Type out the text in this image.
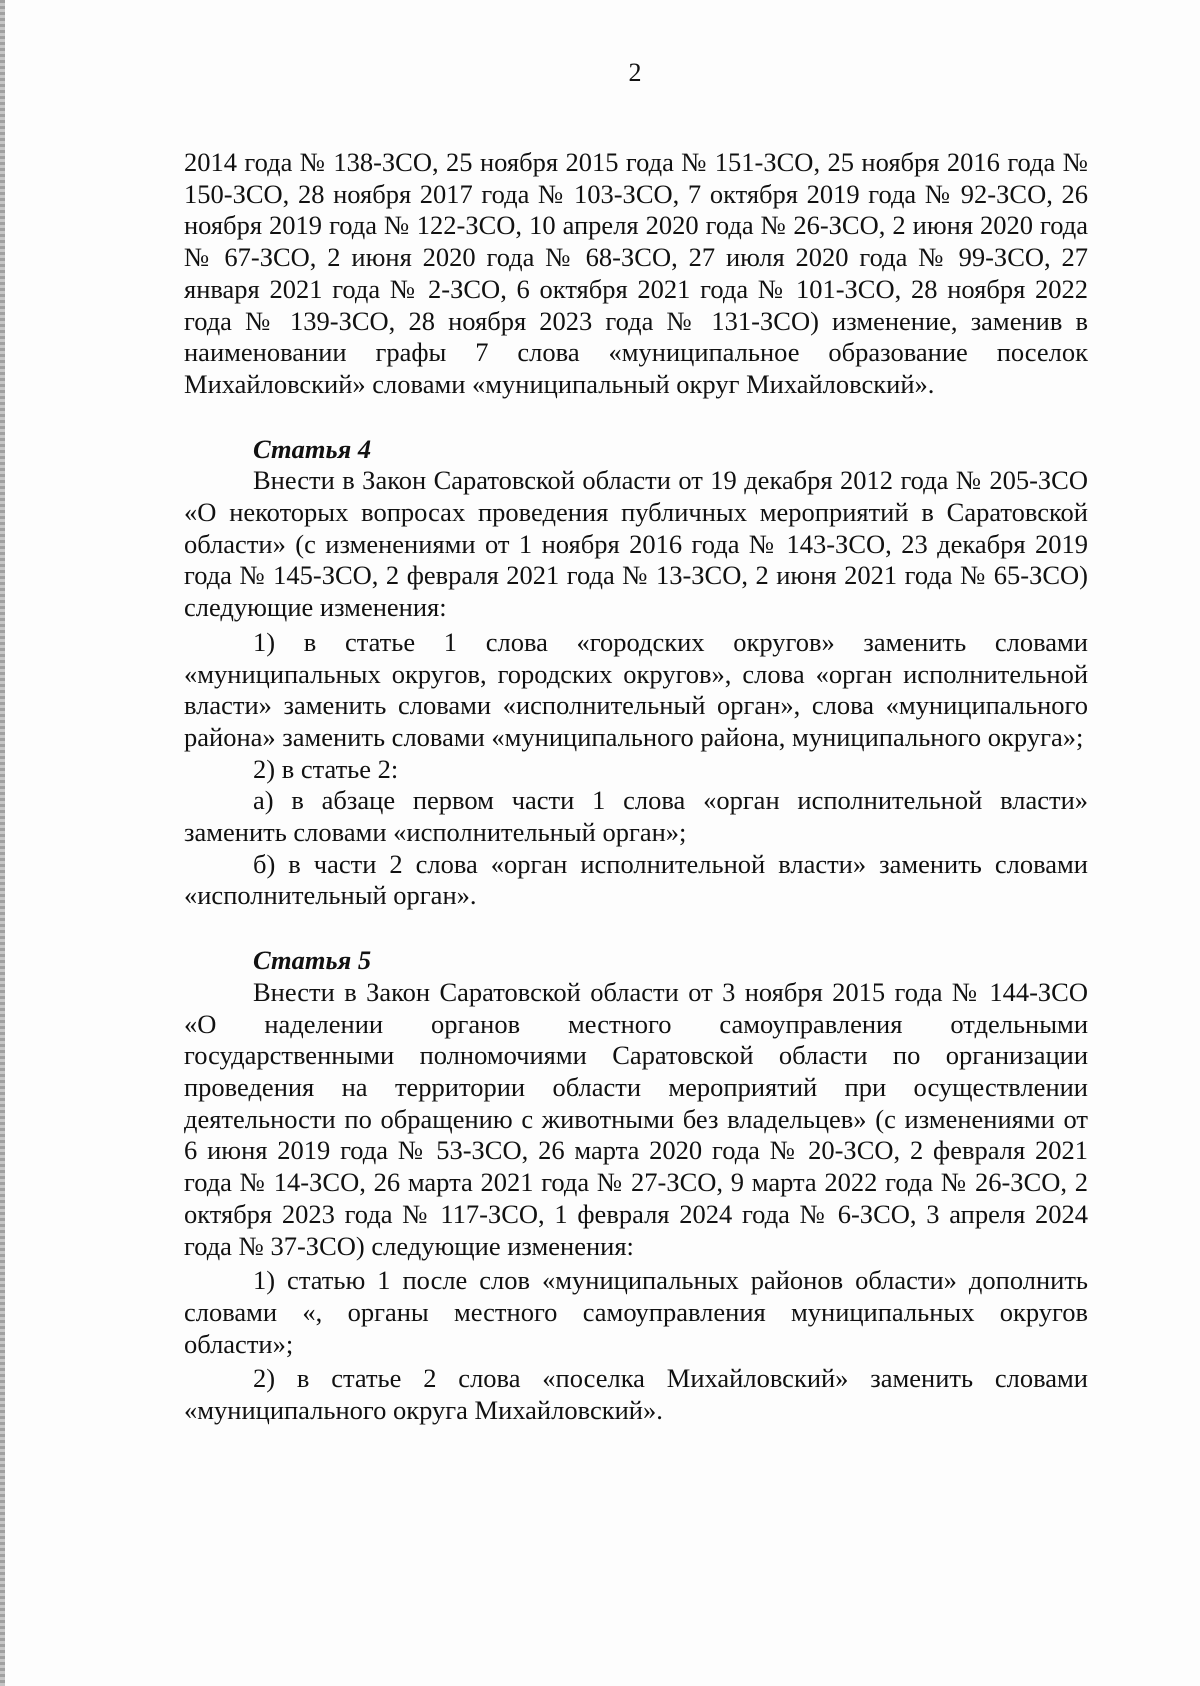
2

2014 года № 138-ЗСО, 25 ноября 2015 года № 151-ЗСО, 25 ноября 2016 года № 150-ЗСО, 28 ноября 2017 года № 103-ЗСО, 7 октября 2019 года № 92-ЗСО, 26 ноября 2019 года № 122-ЗСО, 10 апреля 2020 года № 26-ЗСО, 2 июня 2020 года № 67-ЗСО, 2 июня 2020 года № 68-ЗСО, 27 июля 2020 года № 99-ЗСО, 27 января 2021 года № 2-ЗСО, 6 октября 2021 года № 101-ЗСО, 28 ноября 2022 года № 139-ЗСО, 28 ноября 2023 года № 131-ЗСО) изменение, заменив в наименовании графы 7 слова «муниципальное образование поселок Михайловский» словами «муниципальный округ Михайловский».

Статья 4

Внести в Закон Саратовской области от 19 декабря 2012 года № 205-ЗСО «О некоторых вопросах проведения публичных мероприятий в Саратовской области» (с изменениями от 1 ноября 2016 года № 143-ЗСО, 23 декабря 2019 года № 145-ЗСО, 2 февраля 2021 года № 13-ЗСО, 2 июня 2021 года № 65-ЗСО) следующие изменения:

1) в статье 1 слова «городских округов» заменить словами «муниципальных округов, городских округов», слова «орган исполнительной власти» заменить словами «исполнительный орган», слова «муниципального района» заменить словами «муниципального района, муниципального округа»;

2) в статье 2:

а) в абзаце первом части 1 слова «орган исполнительной власти» заменить словами «исполнительный орган»;

б) в части 2 слова «орган исполнительной власти» заменить словами «исполнительный орган».

Статья 5

Внести в Закон Саратовской области от 3 ноября 2015 года № 144-ЗСО «О наделении органов местного самоуправления отдельными государственными полномочиями Саратовской области по организации проведения на территории области мероприятий при осуществлении деятельности по обращению с животными без владельцев» (с изменениями от 6 июня 2019 года № 53-ЗСО, 26 марта 2020 года № 20-ЗСО, 2 февраля 2021 года № 14-ЗСО, 26 марта 2021 года № 27-ЗСО, 9 марта 2022 года № 26-ЗСО, 2 октября 2023 года № 117-ЗСО, 1 февраля 2024 года № 6-ЗСО, 3 апреля 2024 года № 37-ЗСО) следующие изменения:

1) статью 1 после слов «муниципальных районов области» дополнить словами «, органы местного самоуправления муниципальных округов области»;

2) в статье 2 слова «поселка Михайловский» заменить словами «муниципального округа Михайловский».
